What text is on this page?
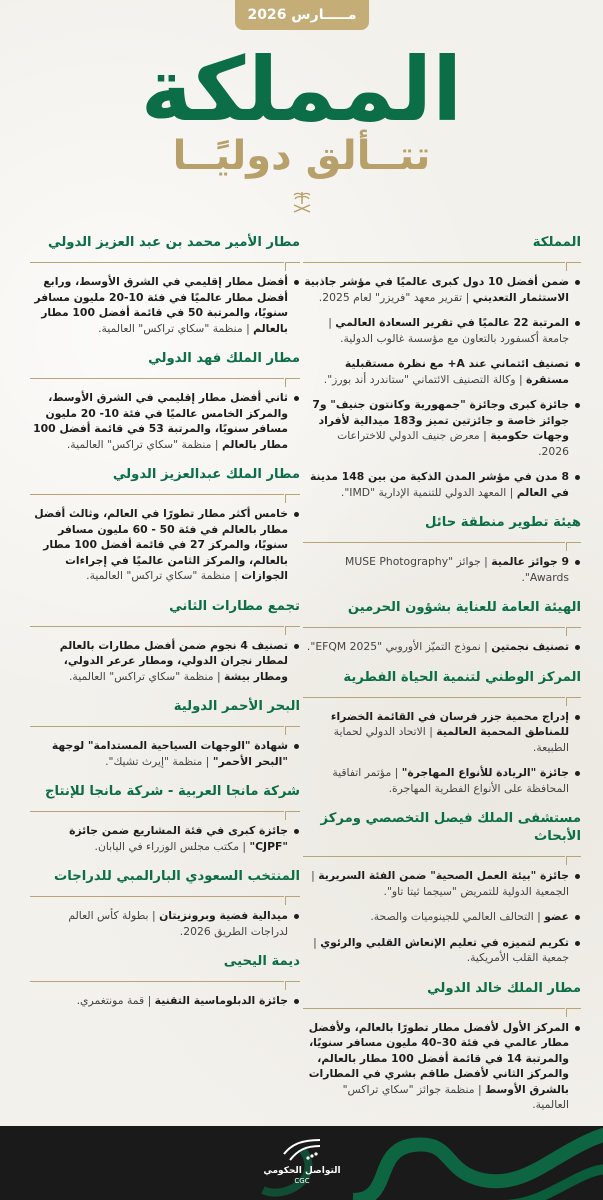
مـــــارس 2026
المملكة
تتــألق دوليًــا
المملكة
ضمن أفضل 10 دول كبرى عالميًا في مؤشر جاذبية الاستثمار التعديني | تقرير معهد "فريزر" لعام 2025.
المرتبة 22 عالميًا في تقرير السعادة العالمي | جامعة أكسفورد بالتعاون مع مؤسسة غالوب الدولية.
تصنيف ائتماني عند A+ مع نظرة مستقبلية مستقرة | وكالة التصنيف الائتماني "ستاندرد أند بورز".
جائزة كبرى وجائزة "جمهورية وكانتون جنيف" و7 جوائز خاصة و جائزتين تميز و183 ميدالية لأفراد وجهات حكومية | معرض جنيف الدولي للاختراعات 2026.
8 مدن في مؤشر المدن الذكية من بين 148 مدينة في العالم | المعهد الدولي للتنمية الإدارية "IMD".
هيئة تطوير منطقة حائل
9 جوائز عالمية | جوائز "MUSE Photography Awards".
الهيئة العامة للعناية بشؤون الحرمين
تصنيف نجمتين | نموذج التميّز الأوروبي "EFQM 2025".
المركز الوطني لتنمية الحياة الفطرية
إدراج محمية جزر فرسان في القائمة الخضراء للمناطق المحمية العالمية | الاتحاد الدولي لحماية الطبيعة.
جائزة "الريادة للأنواع المهاجرة" | مؤتمر اتفاقية المحافظة على الأنواع الفطرية المهاجرة.
مستشفى الملك فيصل التخصصي ومركز الأبحاث
جائزة "بيئة العمل الصحية" ضمن الفئة السريرية | الجمعية الدولية للتمريض "سيجما ثيتا تاو".
عضو | التحالف العالمي للجينوميات والصحة.
تكريم لتميزه في تعليم الإنعاش القلبي والرئوي | جمعية القلب الأمريكية.
مطار الملك خالد الدولي
المركز الأول لأفضل مطار تطورًا بالعالم، ولأفضل مطار عالمي في فئة 30–40 مليون مسافر سنويًا، والمرتبة 14 في قائمة أفضل 100 مطار بالعالم، والمركز الثاني لأفضل طاقم بشري في المطارات بالشرق الأوسط | منظمة جوائز "سكاي تراكس" العالمية.
مطار الأمير محمد بن عبد العزيز الدولي
أفضل مطار إقليمي في الشرق الأوسط، ورابع أفضل مطار عالميًا في فئة 10-20 مليون مسافر سنويًا، والمرتبة 50 في قائمة أفضل 100 مطار بالعالم | منظمة "سكاي تراكس" العالمية.
مطار الملك فهد الدولي
ثاني أفضل مطار إقليمي في الشرق الأوسط، والمركز الخامس عالميًا في فئة 10- 20 مليون مسافر سنويًا، والمرتبة 53 في قائمة أفضل 100 مطار بالعالم | منظمة "سكاي تراكس" العالمية.
مطار الملك عبدالعزيز الدولي
خامس أكثر مطار تطورًا في العالم، وثالث أفضل مطار بالعالم في فئة 50 - 60 مليون مسافر سنويًا، والمركز 27 في قائمة أفضل 100 مطار بالعالم، والمركز الثامن عالميًا في إجراءات الجوازات | منظمة "سكاي تراكس" العالمية.
تجمع مطارات الثاني
تصنيف 4 نجوم ضمن أفضل مطارات بالعالم لمطار نجران الدولي، ومطار عرعر الدولي، ومطار بيشة | منظمة "سكاي تراكس" العالمية.
البحر الأحمر الدولية
شهادة "الوجهات السياحية المستدامة" لوجهة "البحر الأحمر" | منظمة "إيرث تشيك".
شركة مانجا العربية - شركة مانجا للإنتاج
جائزة كبرى في فئة المشاريع ضمن جائزة "CJPF" | مكتب مجلس الوزراء في اليابان.
المنتخب السعودي البارالمبي للدراجات
ميدالية فضية وبرونزيتان | بطولة كأس العالم لدراجات الطريق 2026.
ديمة اليحيى
جائزة الدبلوماسية التقنية | قمة مونتغمري.
التواصل الحكومي
CGC
